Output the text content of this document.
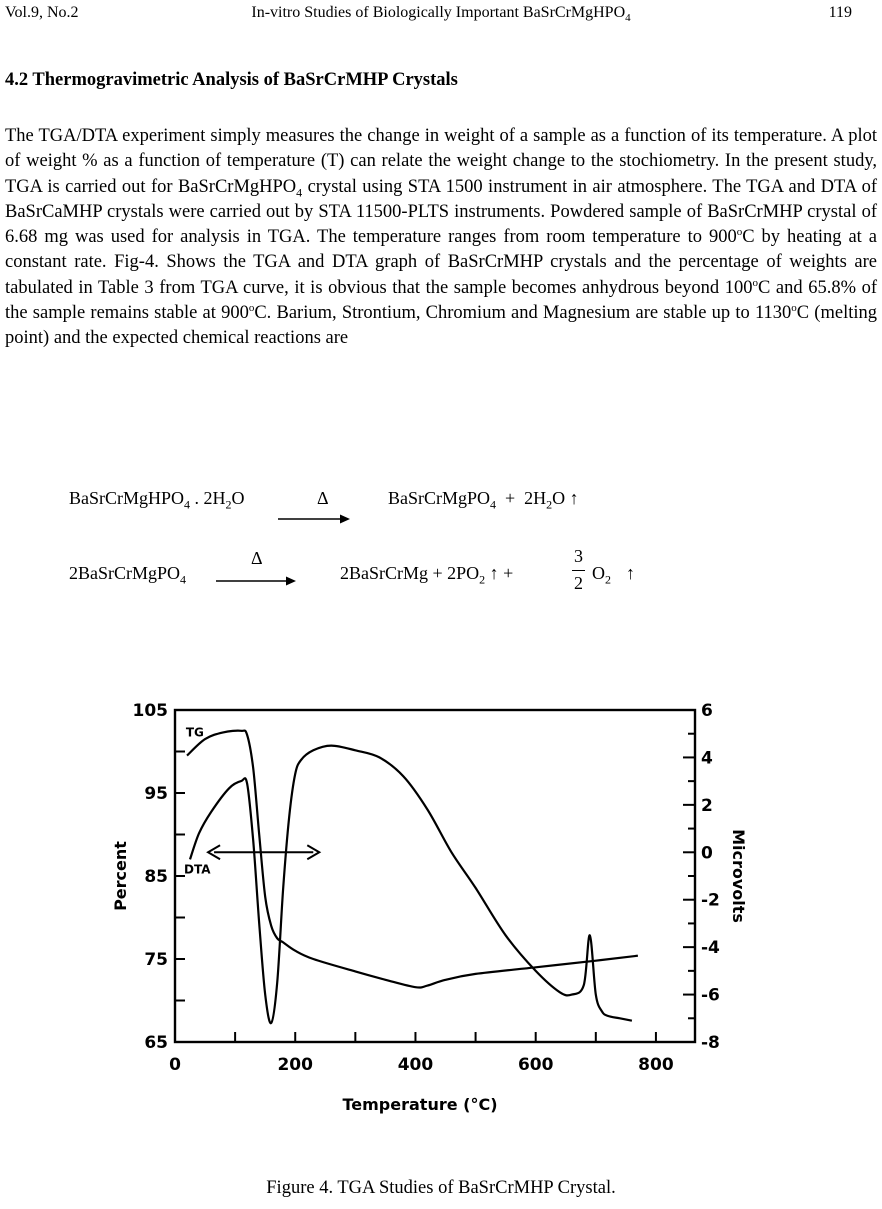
Vol.9, No.2	In-vitro Studies of Biologically Important BaSrCrMgHPO$_4$	119
4.2 Thermogravimetric Analysis of BaSrCrMHP Crystals

The TGA/DTA experiment simply measures the change in weight of a sample as a function of its temperature. A plot of weight % as a function of temperature (T) can relate the weight change to the stochiometry. In the present study, TGA is carried out for BaSrCrMgHPO$_4$ crystal using STA 1500 instrument in air atmosphere. The TGA and DTA of BaSrCaMHP crystals were carried out by STA 11500-PLTS instruments. Powdered sample of BaSrCrMHP crystal of 6.68 mg was used for analysis in TGA. The temperature ranges from room temperature to 900$^o$C by heating at a constant rate. Fig-4. Shows the TGA and DTA graph of BaSrCrMHP crystals and the percentage of weights are tabulated in Table 3 from TGA curve, it is obvious that the sample becomes anhydrous beyond 100$^o$C and 65.8% of the sample remains stable at 900$^o$C. Barium, Strontium, Chromium and Magnesium are stable up to 1130$^o$C (melting point) and the expected chemical reactions are

BaSrCrMgHPO$_4$ . $2H_2O$	Δ	BaSrCrMgPO$_4$  +  $2H_2O$ ↑
2BaSrCrMgPO$_4$
Δ
2BaSrCrMg + $2PO_2$ ↑ +
3
2 $O_2$ ↑
0	200	400	600	800
105
95
85
75
65
6
4
2
0
-2
-4
-6
-8
Temperature (°C)
Percent	Microvolts
TG
DTA
Figure 4. TGA Studies of BaSrCrMHP Crystal.
